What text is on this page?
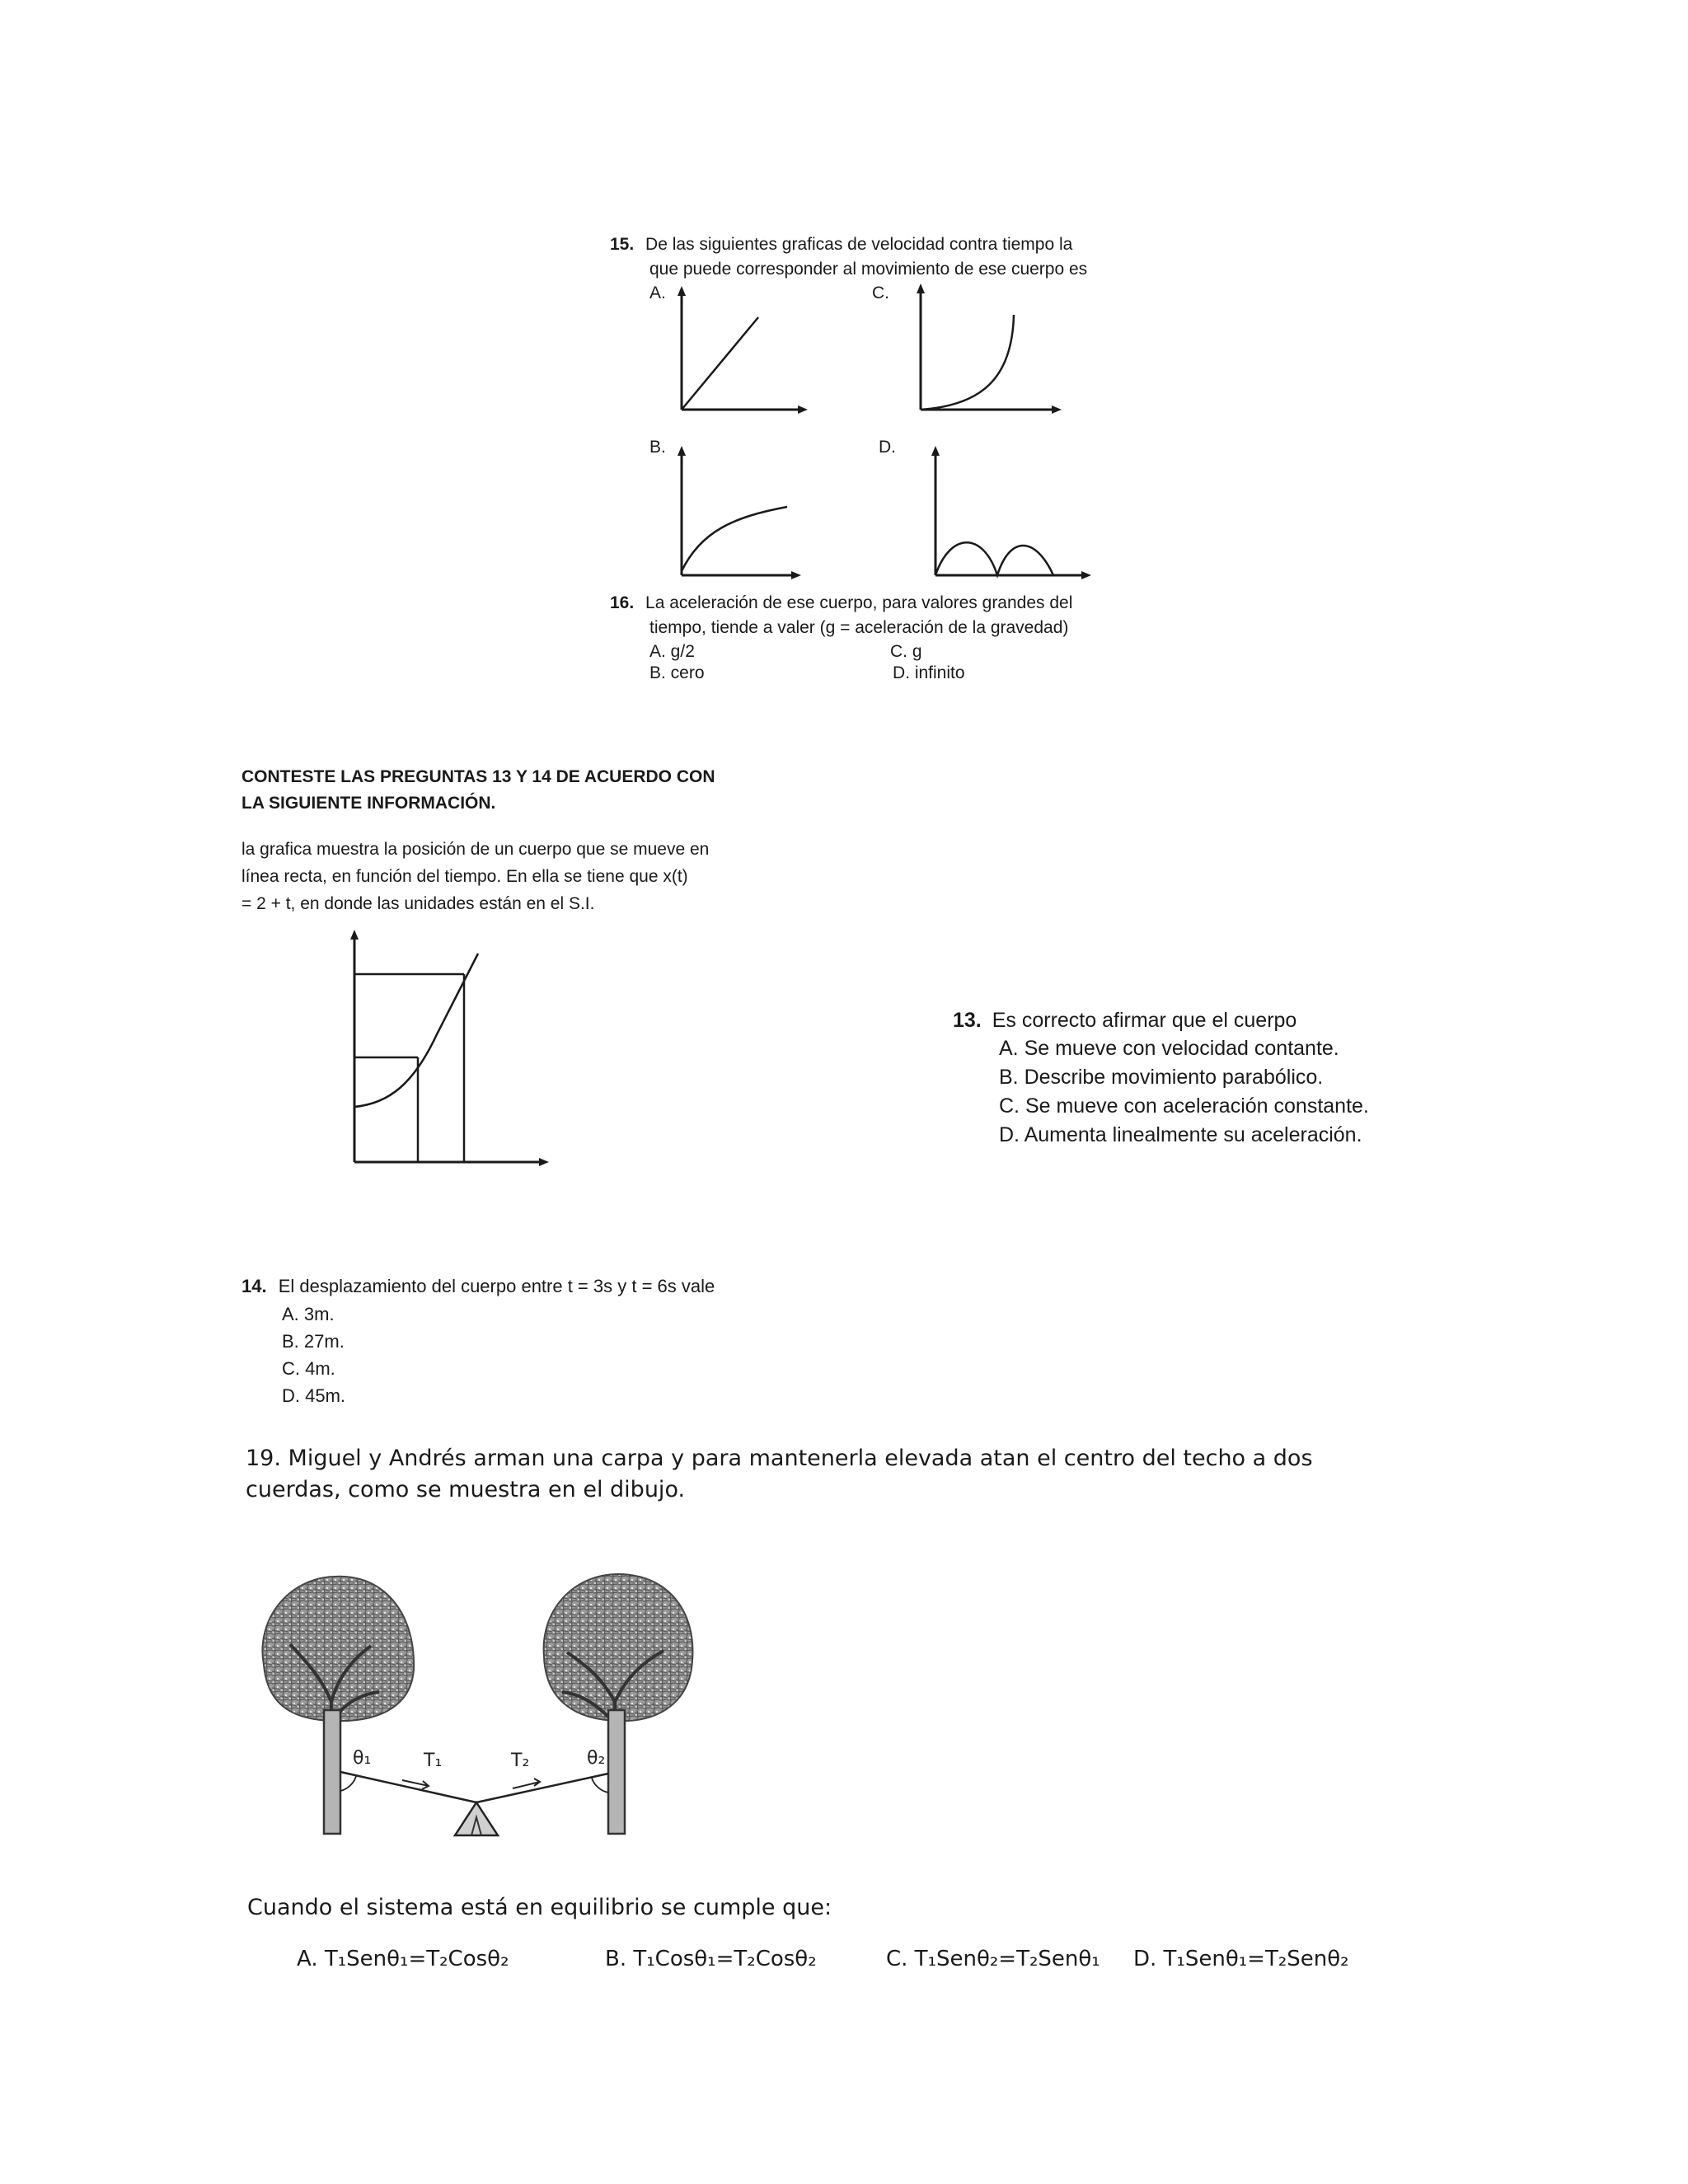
15. De las siguientes graficas de velocidad contra tiempo la
que puede corresponder al movimiento de ese cuerpo es
A.	C.
B.	D.
16. La aceleración de ese cuerpo, para valores grandes del
tiempo, tiende a valer (g = aceleración de la gravedad)
A. g/2	C. g
B. cero	D. infinito
CONTESTE LAS PREGUNTAS 13 Y 14 DE ACUERDO CON
LA SIGUIENTE INFORMACIÓN.
la grafica muestra la posición de un cuerpo que se mueve en
línea recta, en función del tiempo. En ella se tiene que x(t)
= 2 + t, en donde las unidades están en el S.I.
13. Es correcto afirmar que el cuerpo
A. Se mueve con velocidad contante.
B. Describe movimiento parabólico.
C. Se mueve con aceleración constante.
D. Aumenta linealmente su aceleración.
14. El desplazamiento del cuerpo entre t = 3s y t = 6s vale
A. 3m.
B. 27m.
C. 4m.
D. 45m.
19. Miguel y Andrés arman una carpa y para mantenerla elevada atan el centro del techo a dos
cuerdas, como se muestra en el dibujo.
T₁	T₂
θ₁	θ₂
Cuando el sistema está en equilibrio se cumple que:
A. T₁Senθ₁=T₂Cosθ₂	B. T₁Cosθ₁=T₂Cosθ₂	C. T₁Senθ₂=T₂Senθ₁ D. T₁Senθ₁=T₂Senθ₂
